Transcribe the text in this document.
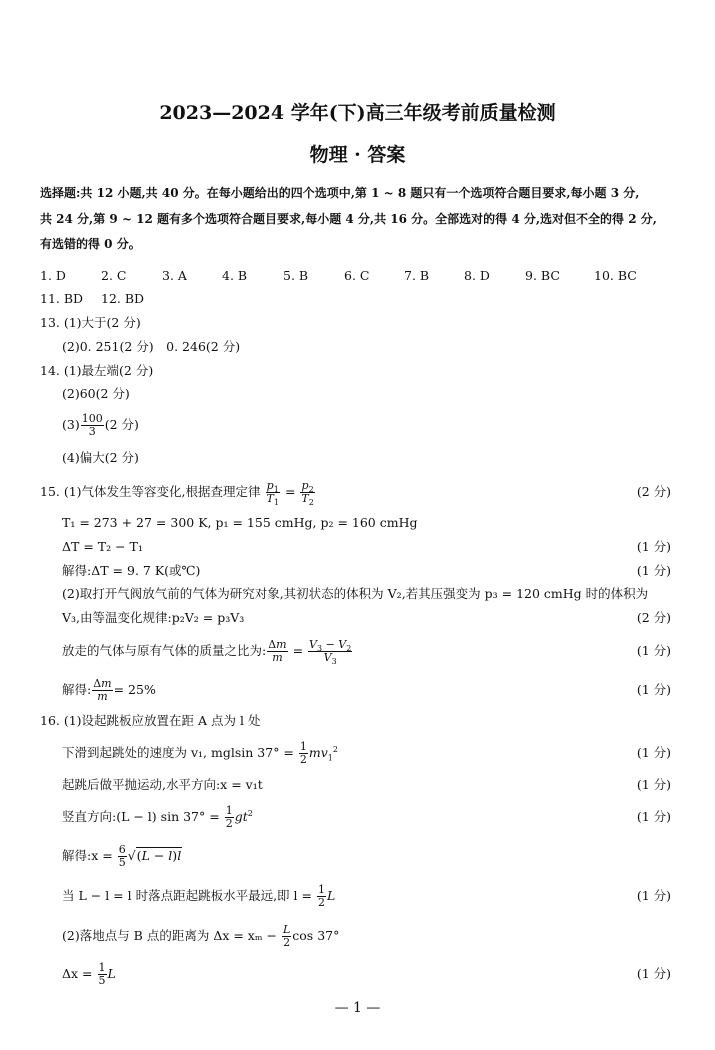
2023—2024 学年(下)高三年级考前质量检测
物理 · 答案
选择题:共 12 小题,共 40 分。在每小题给出的四个选项中,第 1 ~ 8 题只有一个选项符合题目要求,每小题 3 分,
共 24 分,第 9 ~ 12 题有多个选项符合题目要求,每小题 4 分,共 16 分。全部选对的得 4 分,选对但不全的得 2 分,
有选错的得 0 分。
1. D	2. C	3. A	4. B	5. B	6. C	7. B	8. D	9. BC	10. BC
11. BD 12. BD
13. (1)大于(2 分)
(2)0. 251(2 分)　0. 246(2 分)
14. (1)最左端(2 分)
(2)60(2 分)
$(3) \frac{100}{3} (2$ 分)
(4)偏大(2 分)
15. (1)气体发生等容变化,根据查理定律 $\frac{p_1}{T_1} = \frac{p_2}{T_2}$	(2 分)
T₁ = 273 + 27 = 300 K, p₁ = 155 cmHg, p₂ = 160 cmHg
ΔT = T₂ − T₁	(1 分)
解得:ΔT = 9. 7 K(或℃)	(1 分)
(2)取打开气阀放气前的气体为研究对象,其初状态的体积为 V₂,若其压强变为 p₃ = 120 cmHg 时的体积为
V₃,由等温变化规律:p₂V₂ = p₃V₃	(2 分)
放走的气体与原有气体的质量之比为: $\frac{\Delta m}{m} = \frac{V_3 - V_2}{V_3}$	(1 分)
解得: $\frac{\Delta m}{m} = 25\%$	(1 分)
16. (1)设起跳板应放置在距 A 点为 l 处
下滑到起跳处的速度为 v₁, mglsin $37^\circ = \frac{1}{2} mv_1^2$	(1 分)
起跳后做平抛运动,水平方向:x = v₁t	(1 分)
竖直方向:(L − l) $\sin 37^\circ = \frac{1}{2} gt^2$	(1 分)
解得:x = $\frac{6}{5} √(L - l)l$
当 L − l = l 时落点距起跳板水平最远,即 $l = \frac{1}{2}$ L	(1 分)
(2)落地点与 B 点的距离为 $\Delta x = x_m - \frac{L}{2}$ cos 37°
$\Delta x = \frac{1}{5}$ L	(1 分)
— 1 —
